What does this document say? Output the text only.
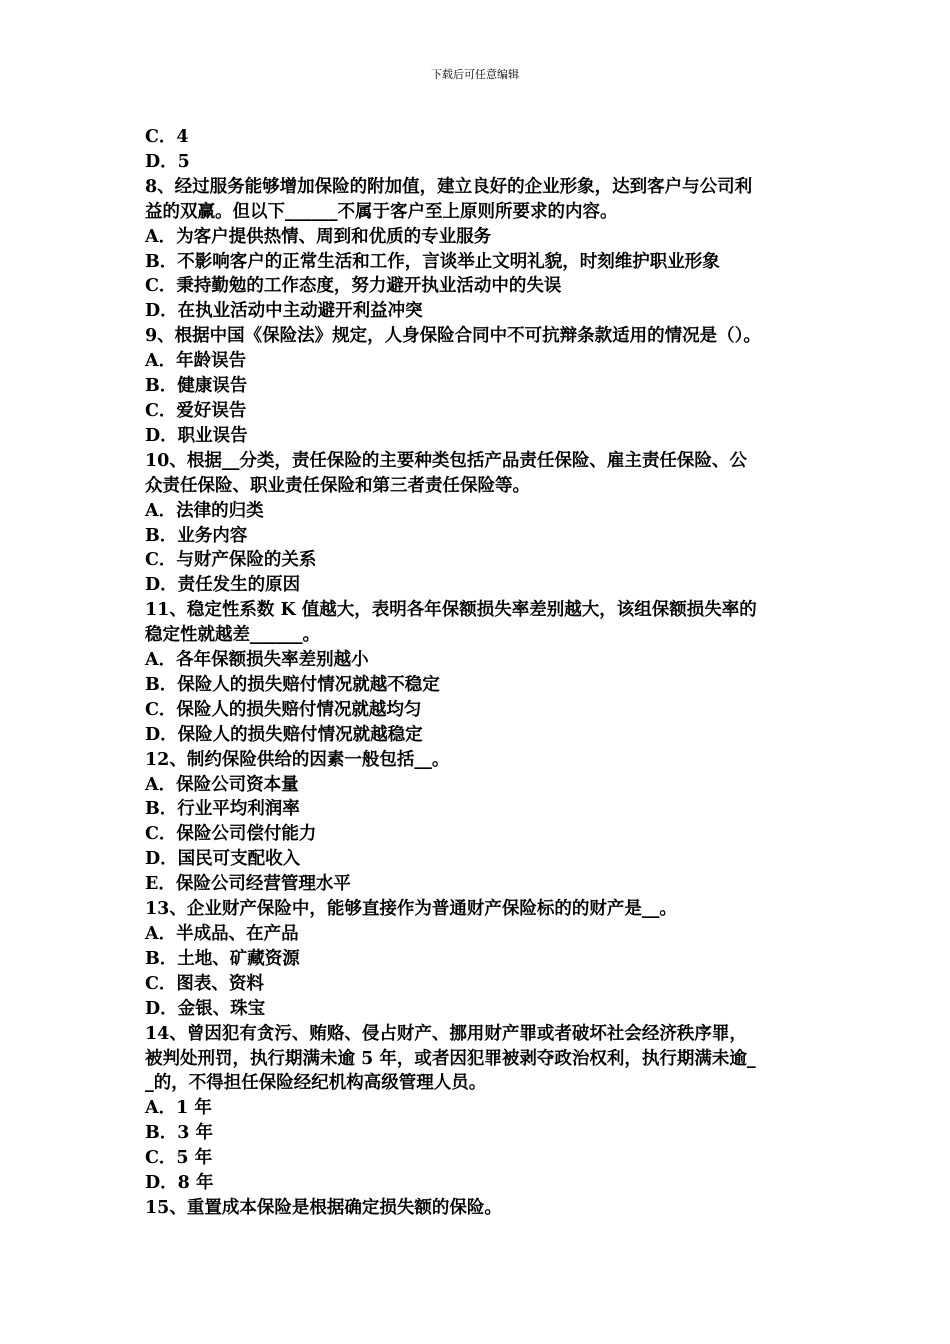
下载后可任意编辑
C．4
D．5
8、经过服务能够增加保险的附加值，建立良好的企业形象，达到客户与公司利
益的双赢。但以下______不属于客户至上原则所要求的内容。
A．为客户提供热情、周到和优质的专业服务
B．不影响客户的正常生活和工作，言谈举止文明礼貌，时刻维护职业形象
C．秉持勤勉的工作态度，努力避开执业活动中的失误
D．在执业活动中主动避开利益冲突
9、根据中国《保险法》规定，人身保险合同中不可抗辩条款适用的情况是（）。
A．年龄误告
B．健康误告
C．爱好误告
D．职业误告
10、根据__分类，责任保险的主要种类包括产品责任保险、雇主责任保险、公
众责任保险、职业责任保险和第三者责任保险等。
A．法律的归类
B．业务内容
C．与财产保险的关系
D．责任发生的原因
11、稳定性系数 K 值越大，表明各年保额损失率差别越大，该组保额损失率的
稳定性就越差______。
A．各年保额损失率差别越小
B．保险人的损失赔付情况就越不稳定
C．保险人的损失赔付情况就越均匀
D．保险人的损失赔付情况就越稳定
12、制约保险供给的因素一般包括__。
A．保险公司资本量
B．行业平均利润率
C．保险公司偿付能力
D．国民可支配收入
E．保险公司经营管理水平
13、企业财产保险中，能够直接作为普通财产保险标的的财产是__。
A．半成品、在产品
B．土地、矿藏资源
C．图表、资料
D．金银、珠宝
14、曾因犯有贪污、贿赂、侵占财产、挪用财产罪或者破坏社会经济秩序罪，
被判处刑罚，执行期满未逾 5 年，或者因犯罪被剥夺政治权利，执行期满未逾_
_的，不得担任保险经纪机构高级管理人员。
A．1 年
B．3 年
C．5 年
D．8 年
15、重置成本保险是根据确定损失额的保险。
